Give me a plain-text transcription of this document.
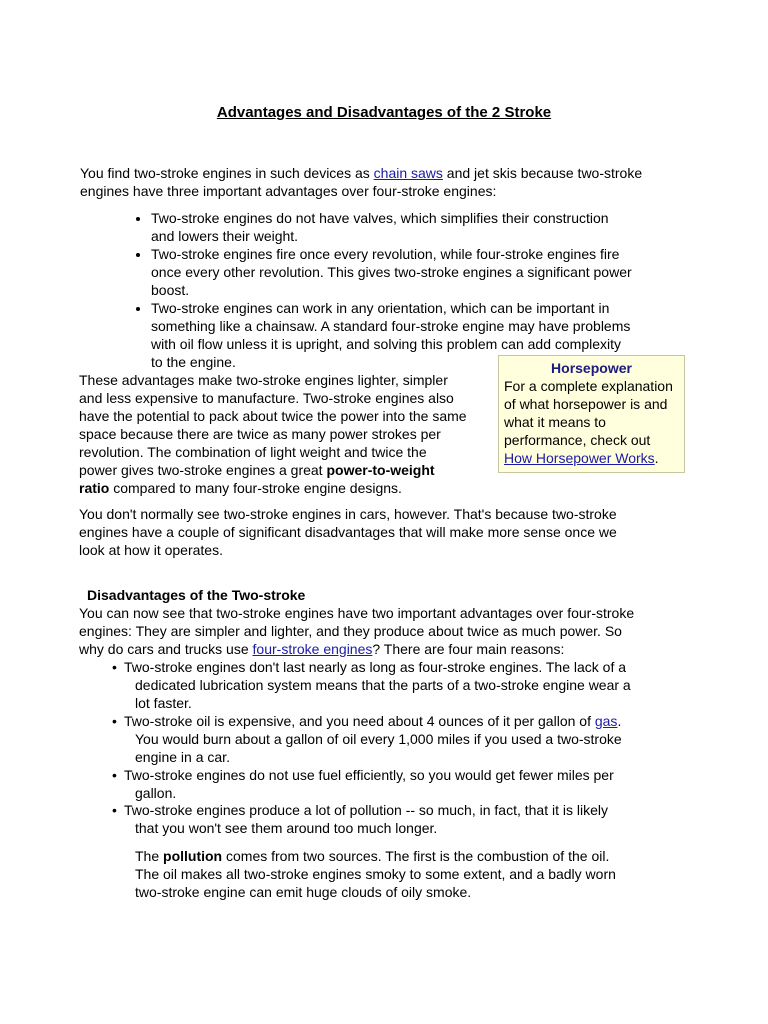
Advantages and Disadvantages of the 2 Stroke

You find two-stroke engines in such devices as chain saws and jet skis because two-stroke
engines have three important advantages over four-stroke engines:

• Two-stroke engines do not have valves, which simplifies their construction
and lowers their weight.
• Two-stroke engines fire once every revolution, while four-stroke engines fire
once every other revolution. This gives two-stroke engines a significant power
boost.
• Two-stroke engines can work in any orientation, which can be important in
something like a chainsaw. A standard four-stroke engine may have problems
with oil flow unless it is upright, and solving this problem can add complexity
to the engine.	Horsepower
For a complete explanation
of what horsepower is and
what it means to
performance, check out
How Horsepower Works.

These advantages make two-stroke engines lighter, simpler
and less expensive to manufacture. Two-stroke engines also
have the potential to pack about twice the power into the same
space because there are twice as many power strokes per
revolution. The combination of light weight and twice the
power gives two-stroke engines a great power-to-weight
ratio compared to many four-stroke engine designs.

You don't normally see two-stroke engines in cars, however. That's because two-stroke
engines have a couple of significant disadvantages that will make more sense once we
look at how it operates.

Disadvantages of the Two-stroke

You can now see that two-stroke engines have two important advantages over four-stroke
engines: They are simpler and lighter, and they produce about twice as much power. So
why do cars and trucks use four-stroke engines? There are four main reasons:

• Two-stroke engines don't last nearly as long as four-stroke engines. The lack of a
dedicated lubrication system means that the parts of a two-stroke engine wear a
lot faster.
• Two-stroke oil is expensive, and you need about 4 ounces of it per gallon of gas.
You would burn about a gallon of oil every 1,000 miles if you used a two-stroke
engine in a car.
• Two-stroke engines do not use fuel efficiently, so you would get fewer miles per
gallon.
• Two-stroke engines produce a lot of pollution -- so much, in fact, that it is likely
that you won't see them around too much longer.

The pollution comes from two sources. The first is the combustion of the oil.
The oil makes all two-stroke engines smoky to some extent, and a badly worn
two-stroke engine can emit huge clouds of oily smoke.
